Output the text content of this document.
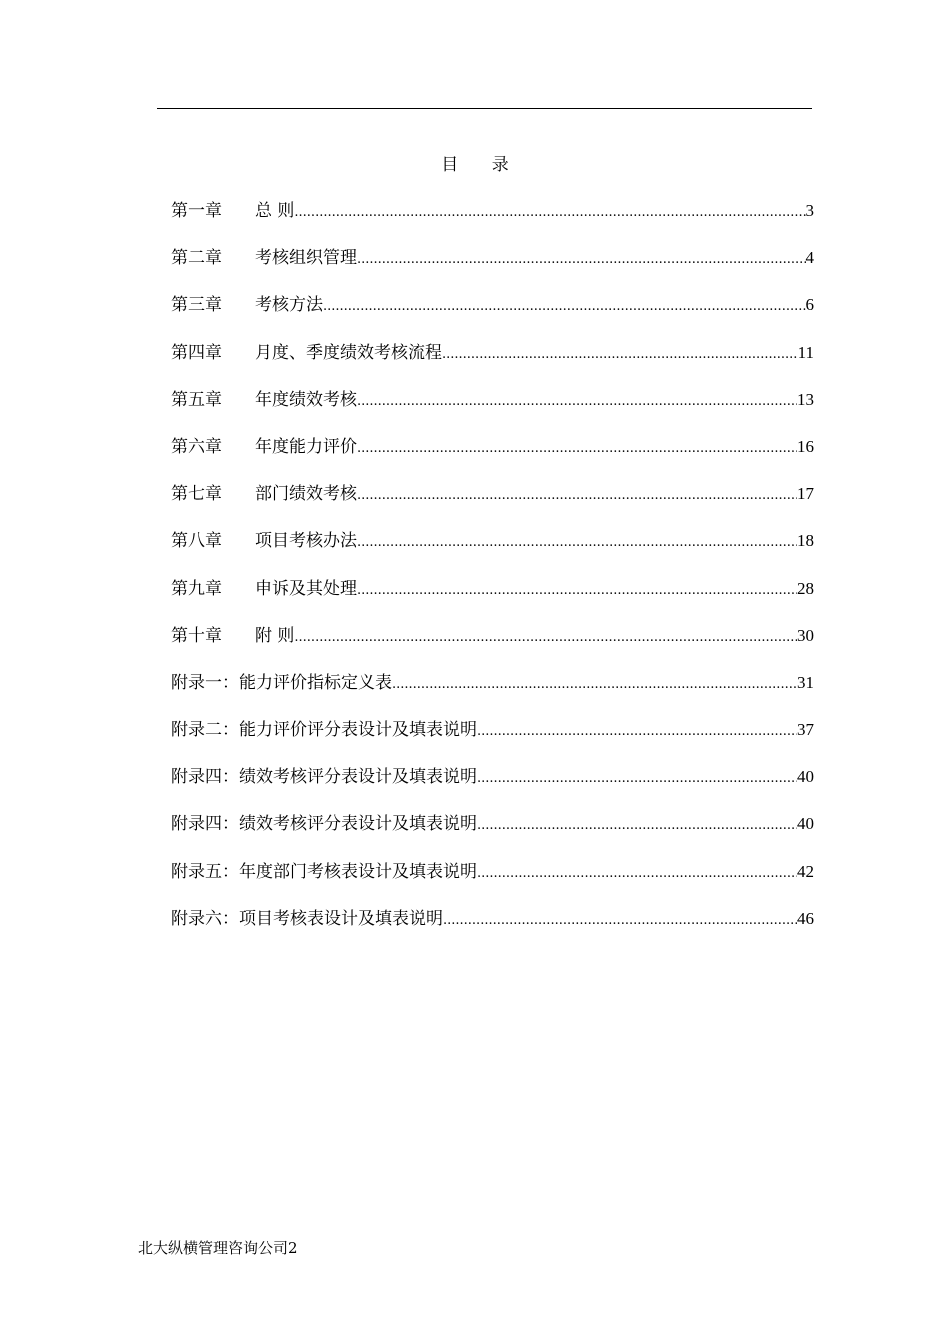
目 录
第一章	总 则 .....	3
第二章	考核组织管理 .....	4
第三章	考核方法 .....	6
第四章	月度、季度绩效考核流程 .....	11
第五章	年度绩效考核 .....	13
第六章	年度能力评价 .....	16
第七章	部门绩效考核 .....	17
第八章	项目考核办法 .....	18
第九章	申诉及其处理 .....	28
第十章	附 则 .....	30
附录一： 能力评价指标定义表 .....	31
附录二： 能力评价评分表设计及填表说明 .....	37
附录四： 绩效考核评分表设计及填表说明 .....	40
附录四： 绩效考核评分表设计及填表说明 .....	40
附录五： 年度部门考核表设计及填表说明 .....	42
附录六： 项目考核表设计及填表说明 .....	46
北大纵横管理咨询公司2
